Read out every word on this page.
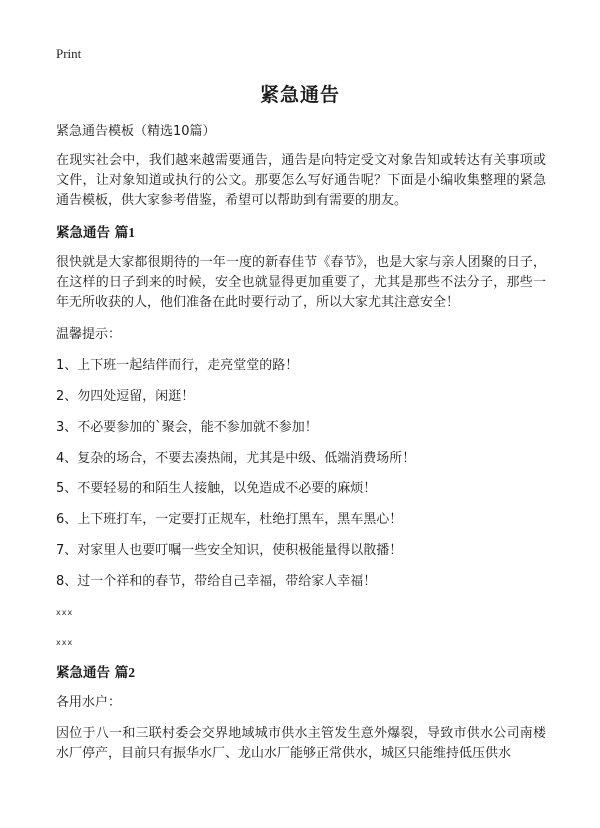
Print
紧急通告

紧急通告模板（精选10篇）

在现实社会中，我们越来越需要通告，通告是向特定受文对象告知或转达有关事项或文件，让对象知道或执行的公文。那要怎么写好通告呢？下面是小编收集整理的紧急通告模板，供大家参考借鉴，希望可以帮助到有需要的朋友。

紧急通告 篇1

很快就是大家都很期待的一年一度的新春佳节《春节》，也是大家与亲人团聚的日子，在这样的日子到来的时候，安全也就显得更加重要了，尤其是那些不法分子，那些一年无所收获的人，他们准备在此时要行动了，所以大家尤其注意安全！

温馨提示：

1、上下班一起结伴而行，走亮堂堂的路！

2、勿四处逗留，闲逛！

3、不必要参加的`聚会，能不参加就不参加！

4、复杂的场合，不要去凑热闹，尤其是中级、低端消费场所！

5、不要轻易的和陌生人接触，以免造成不必要的麻烦！

6、上下班打车，一定要打正规车，杜绝打黑车，黑车黑心！

7、对家里人也要叮嘱一些安全知识，使积极能量得以散播！

8、过一个祥和的春节，带给自己幸福，带给家人幸福！

xxx

xxx

紧急通告 篇2

各用水户：

因位于八一和三联村委会交界地域城市供水主管发生意外爆裂，导致市供水公司南楼水厂停产，目前只有振华水厂、龙山水厂能够正常供水，城区只能维持低压供水
